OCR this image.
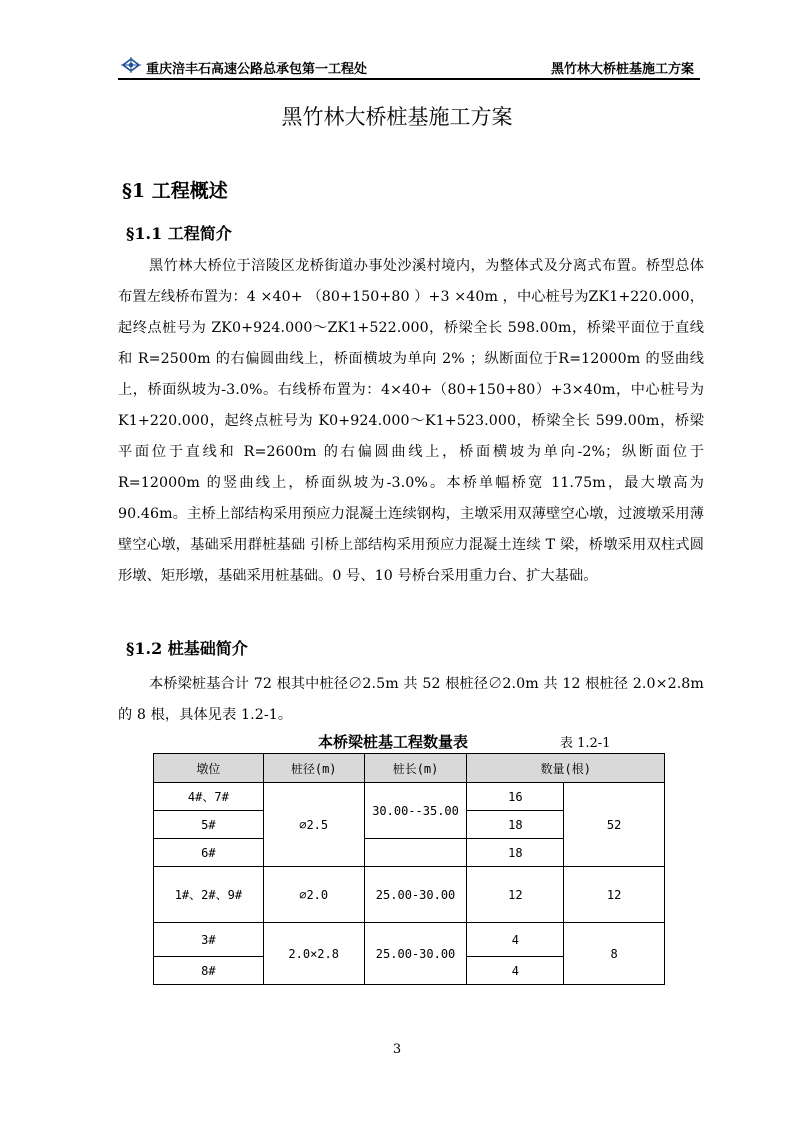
重庆涪丰石高速公路总承包第一工程处	黑竹林大桥桩基施工方案
黑竹林大桥桩基施工方案
§1 工程概述
§1.1 工程简介
黑竹林大桥位于涪陵区龙桥街道办事处沙溪村境内，为整体式及分离式布置。桥型总体布置左线桥布置为：4 ×40+ （80+150+80 ）+3 ×40m ，中心桩号为ZK1+220.000，起终点桩号为 ZK0+924.000～ZK1+522.000，桥梁全长 598.00m，桥梁平面位于直线和 R=2500m 的右偏圆曲线上，桥面横坡为单向 2% ；纵断面位于R=12000m 的竖曲线上，桥面纵坡为-3.0%。右线桥布置为：4×40+（80+150+80）+3×40m，中心桩号为 K1+220.000，起终点桩号为 K0+924.000～K1+523.000，桥梁全长 599.00m，桥梁平面位于直线和 R=2600m 的右偏圆曲线上，桥面横坡为单向-2%；纵断面位于 R=12000m 的竖曲线上，桥面纵坡为-3.0%。本桥单幅桥宽 11.75m，最大墩高为 90.46m。主桥上部结构采用预应力混凝土连续钢构，主墩采用双薄壁空心墩，过渡墩采用薄壁空心墩，基础采用群桩基础 引桥上部结构采用预应力混凝土连续 T 梁，桥墩采用双柱式圆形墩、矩形墩，基础采用桩基础。0 号、10 号桥台采用重力台、扩大基础。
§1.2 桩基础简介
本桥梁桩基合计 72 根其中桩径∅2.5m 共 52 根桩径∅2.0m 共 12 根桩径 2.0×2.8m 的 8 根，具体见表 1.2-1。
本桥梁桩基工程数量表	表 1.2-1
墩位	桩径(m)	桩长(m)	数量(根)	
4#、7#	∅2.5	30.00--35.00	16	52
5#			18	
6#			18	
1#、2#、9#	∅2.0	25.00-30.00	12	12
3#	2.0×2.8	25.00-30.00	4	8
8#			4	
3
